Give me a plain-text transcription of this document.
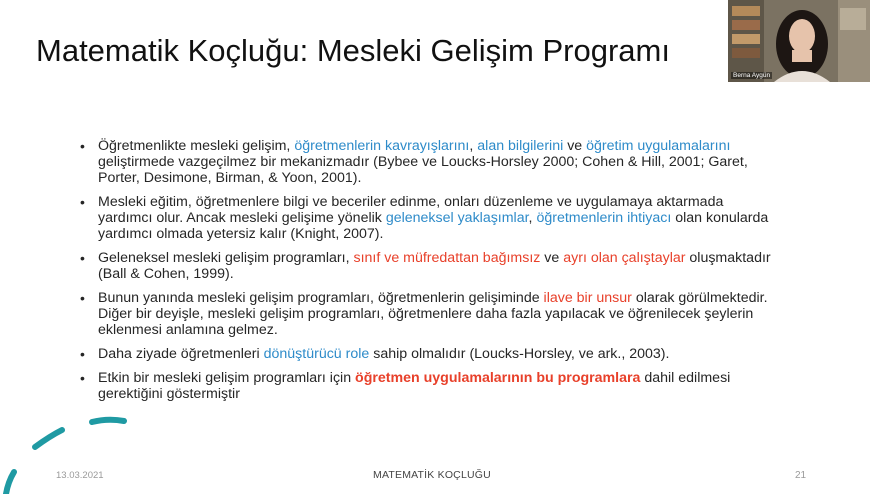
Matematik Koçluğu: Mesleki Gelişim Programı
• Öğretmenlikte mesleki gelişim, öğretmenlerin kavrayışlarını, alan bilgilerini ve öğretim uygulamalarını geliştirmede vazgeçilmez bir mekanizmadır (Bybee ve Loucks-Horsley 2000; Cohen & Hill, 2001; Garet, Porter, Desimone, Birman, & Yoon, 2001).
• Mesleki eğitim, öğretmenlere bilgi ve beceriler edinme, onları düzenleme ve uygulamaya aktarmada yardımcı olur. Ancak mesleki gelişime yönelik geleneksel yaklaşımlar, öğretmenlerin ihtiyacı olan konularda yardımcı olmada yetersiz kalır (Knight, 2007).
• Geleneksel mesleki gelişim programları, sınıf ve müfredattan bağımsız ve ayrı olan çalıştaylar oluşmaktadır (Ball & Cohen, 1999).
• Bunun yanında mesleki gelişim programları, öğretmenlerin gelişiminde ilave bir unsur olarak görülmektedir. Diğer bir deyişle, mesleki gelişim programları, öğretmenlere daha fazla yapılacak ve öğrenilecek şeylerin eklenmesi anlamına gelmez.
• Daha ziyade öğretmenleri dönüştürücü role sahip olmalıdır (Loucks-Horsley, ve ark., 2003).
• Etkin bir mesleki gelişim programları için öğretmen uygulamalarının bu programlara dahil edilmesi gerektiğini göstermiştir
13.03.2021	MATEMATİK KOÇLUĞU	21
Berna Aygün
